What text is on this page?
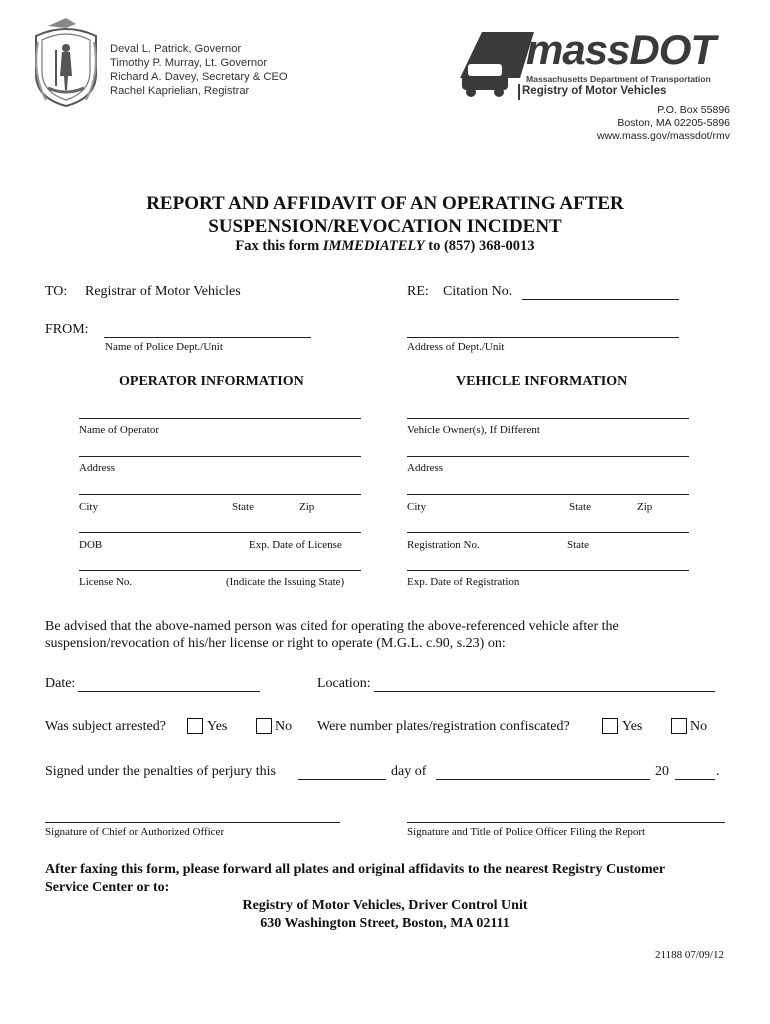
Deval L. Patrick, Governor
Timothy P. Murray, Lt. Governor
Richard A. Davey, Secretary & CEO
Rachel Kaprielian, Registrar
massDOT
Massachusetts Department of Transportation
Registry of Motor Vehicles
P.O. Box 55896
Boston, MA 02205-5896
www.mass.gov/massdot/rmv
REPORT AND AFFIDAVIT OF AN OPERATING AFTER
SUSPENSION/REVOCATION INCIDENT
Fax this form IMMEDIATELY to (857) 368-0013
TO: Registrar of Motor Vehicles	RE: Citation No.
FROM:
Name of Police Dept./Unit	Address of Dept./Unit
OPERATOR INFORMATION	VEHICLE INFORMATION
Name of Operator
Address
City	State	Zip
DOB	Exp. Date of License
License No.	(Indicate the Issuing State)
Vehicle Owner(s), If Different
Address
City	State	Zip
Registration No.	State
Exp. Date of Registration
Be advised that the above-named person was cited for operating the above-referenced vehicle after the
suspension/revocation of his/her license or right to operate (M.G.L. c.90, s.23) on:
Date:	Location:
Was subject arrested?	Yes	No Were number plates/registration confiscated?	Yes	No
Signed under the penalties of perjury this	day of	20	.
Signature of Chief or Authorized Officer	Signature and Title of Police Officer Filing the Report
After faxing this form, please forward all plates and original affidavits to the nearest Registry Customer
Service Center or to:
Registry of Motor Vehicles, Driver Control Unit
630 Washington Street, Boston, MA 02111
21188 07/09/12
